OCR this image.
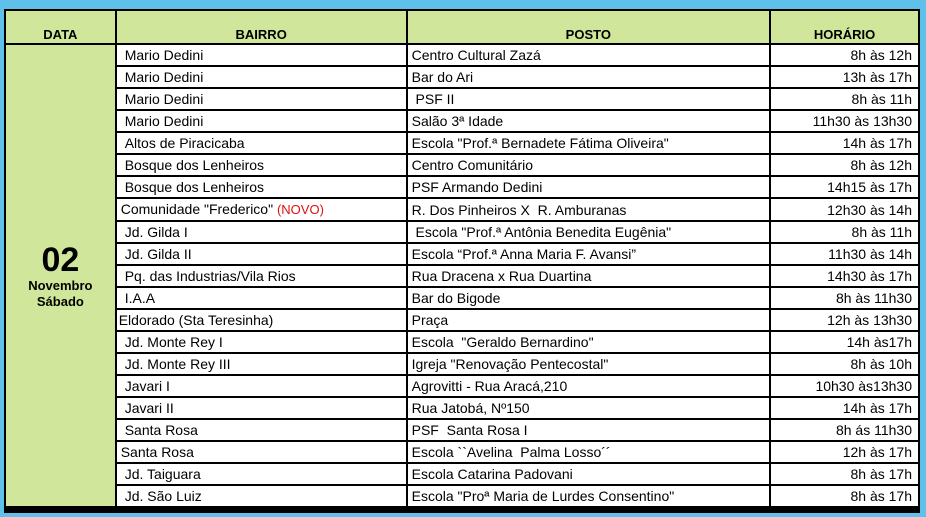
DATA	BAIRRO	POSTO	HORÁRIO

02
Novembro
Sábado	Mario Dedini	Centro Cultural Zazá	8h às 12h
	Mario Dedini	Bar do Ari	13h às 17h
	Mario Dedini	PSF II	8h às 11h
	Mario Dedini	Salão 3ª Idade	11h30 às 13h30
	Altos de Piracicaba	Escola "Prof.ª Bernadete Fátima Oliveira"	14h às 17h
	Bosque dos Lenheiros	Centro Comunitário	8h às 12h
	Bosque dos Lenheiros	PSF Armando Dedini	14h15 às 17h
	Comunidade "Frederico" (NOVO)	R. Dos Pinheiros X  R. Amburanas	12h30 às 14h
	Jd. Gilda I	Escola "Prof.ª Antônia Benedita Eugênia"	8h às 11h
	Jd. Gilda II	Escola “Prof.ª Anna Maria F. Avansi”	11h30 às 14h
	Pq. das Industrias/Vila Rios	Rua Dracena x Rua Duartina	14h30 às 17h
	I.A.A	Bar do Bigode	8h às 11h30
	Eldorado (Sta Teresinha)	Praça	12h às 13h30
	Jd. Monte Rey I	Escola  "Geraldo Bernardino"	14h às17h
	Jd. Monte Rey III	Igreja "Renovação Pentecostal"	8h às 10h
	Javari I	Agrovitti - Rua Aracá,210	10h30 às13h30
	Javari II	Rua Jatobá, Nº150	14h às 17h
	Santa Rosa	PSF  Santa Rosa I	8h ás 11h30
	Santa Rosa	Escola ``Avelina  Palma Losso´´	12h às 17h
	Jd. Taiguara	Escola Catarina Padovani	8h às 17h
	Jd. São Luiz	Escola "Proª Maria de Lurdes Consentino"	8h às 17h
